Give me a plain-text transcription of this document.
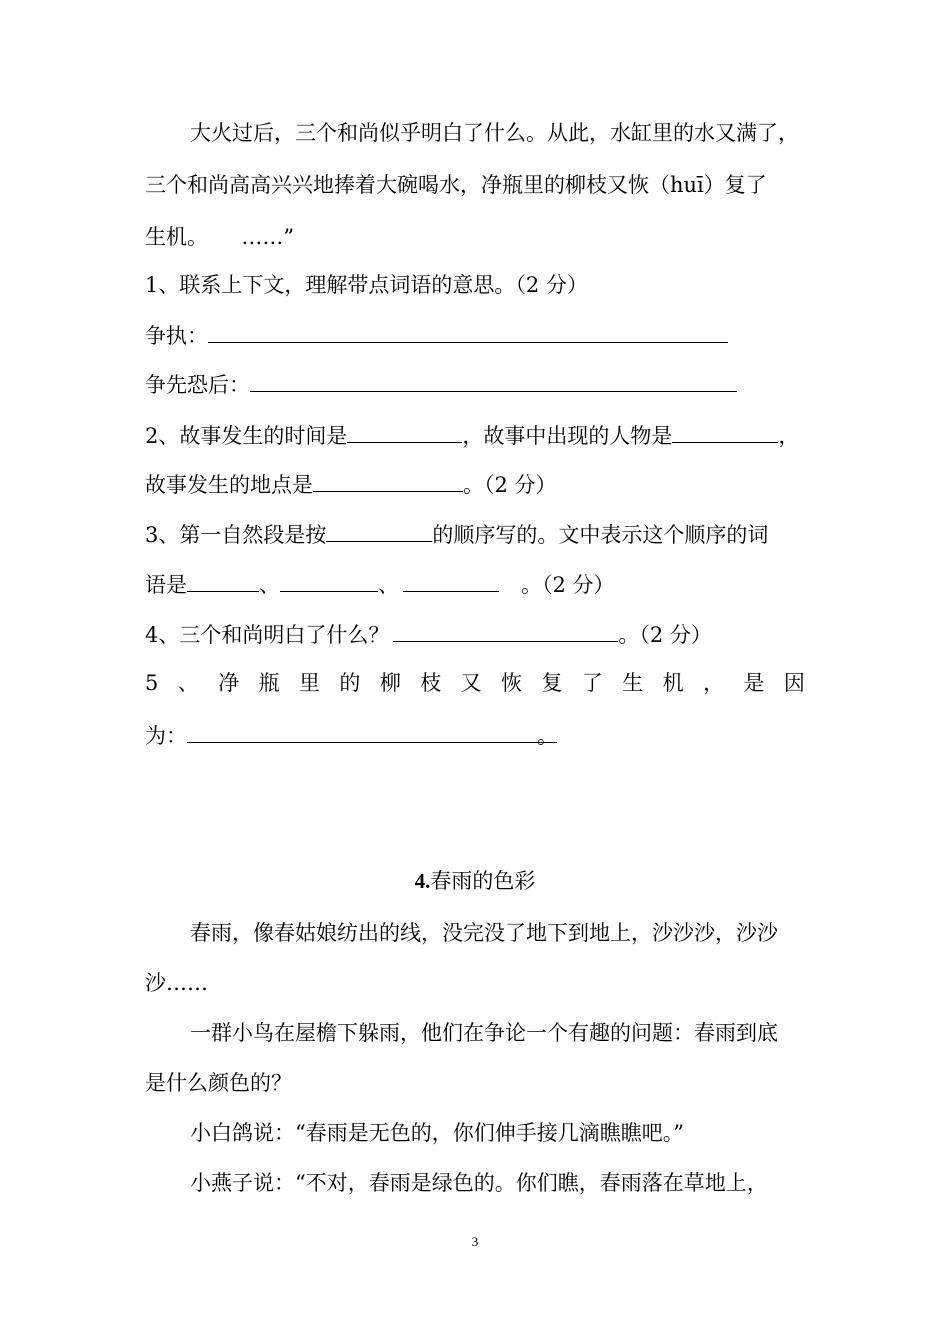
大火过后，三个和尚似乎明白了什么。从此，水缸里的水又满了，
三个和尚高高兴兴地捧着大碗喝水，净瓶里的柳枝又恢（huī）复了
生机。     ……”
1、联系上下文，理解带点词语的意思。（2 分）
争执：
争先恐后：
2、故事发生的时间是	，故事中出现的人物是	，
故事发生的地点是	。（2 分）
3、第一自然段是按	的顺序写的。文中表示这个顺序的词
语是	、	、	。（2 分）
4、三个和尚明白了什么？	。（2 分）
5 、 净 瓶 里 的 柳 枝 又 恢 复 了 生 机 ， 是 因
为：	。
4.春雨的色彩
春雨，像春姑娘纺出的线，没完没了地下到地上，沙沙沙，沙沙
沙……
一群小鸟在屋檐下躲雨，他们在争论一个有趣的问题：春雨到底
是什么颜色的？
小白鸽说：“春雨是无色的，你们伸手接几滴瞧瞧吧。”
小燕子说：“不对，春雨是绿色的。你们瞧，春雨落在草地上，
3
